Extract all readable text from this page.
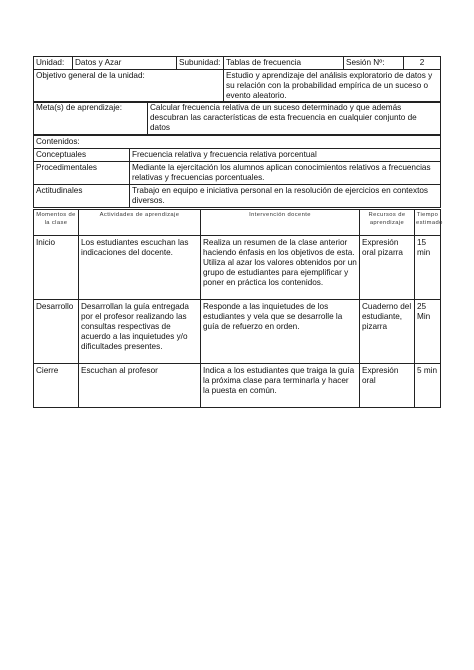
Unidad:	Datos y Azar	Subunidad:	Tablas de frecuencia	Sesión Nº:	2
Objetivo general de la unidad:			Estudio y aprendizaje del análisis exploratorio de datos y su relación con la probabilidad empírica de un suceso o evento aleatorio.		
Meta(s) de aprendizaje:	Calcular frecuencia relativa de un suceso determinado y que además descubran las características de esta frecuencia en cualquier conjunto de datos
Contenidos:	
Conceptuales	Frecuencia relativa y frecuencia relativa porcentual
Procedimentales	Mediante la ejercitación los alumnos aplican conocimientos relativos a frecuencias relativas y frecuencias porcentuales.
Actitudinales	Trabajo en equipo e iniciativa personal en la resolución de ejercicios en contextos diversos.
Momentos de la clase	Actividades de aprendizaje	Intervención docente	Recursos de aprendizaje	Tiempo estimado
Inicio	Los estudiantes escuchan las indicaciones del docente.	Realiza un resumen de la clase anterior haciendo énfasis en los objetivos de esta. Utiliza al azar los valores obtenidos por un grupo de estudiantes para ejemplificar y poner en práctica los contenidos.	Expresión oral pizarra	15 min
Desarrollo	Desarrollan la guía entregada por el profesor realizando las consultas respectivas de acuerdo a las inquietudes y/o dificultades presentes.	Responde a las inquietudes de los estudiantes y vela que se desarrolle la guía de refuerzo en orden.	Cuaderno del estudiante, pizarra	25 Min
Cierre	Escuchan al profesor	Indica a los estudiantes que traiga la guía la próxima clase para terminarla y hacer la puesta en común.	Expresión oral	5 min
